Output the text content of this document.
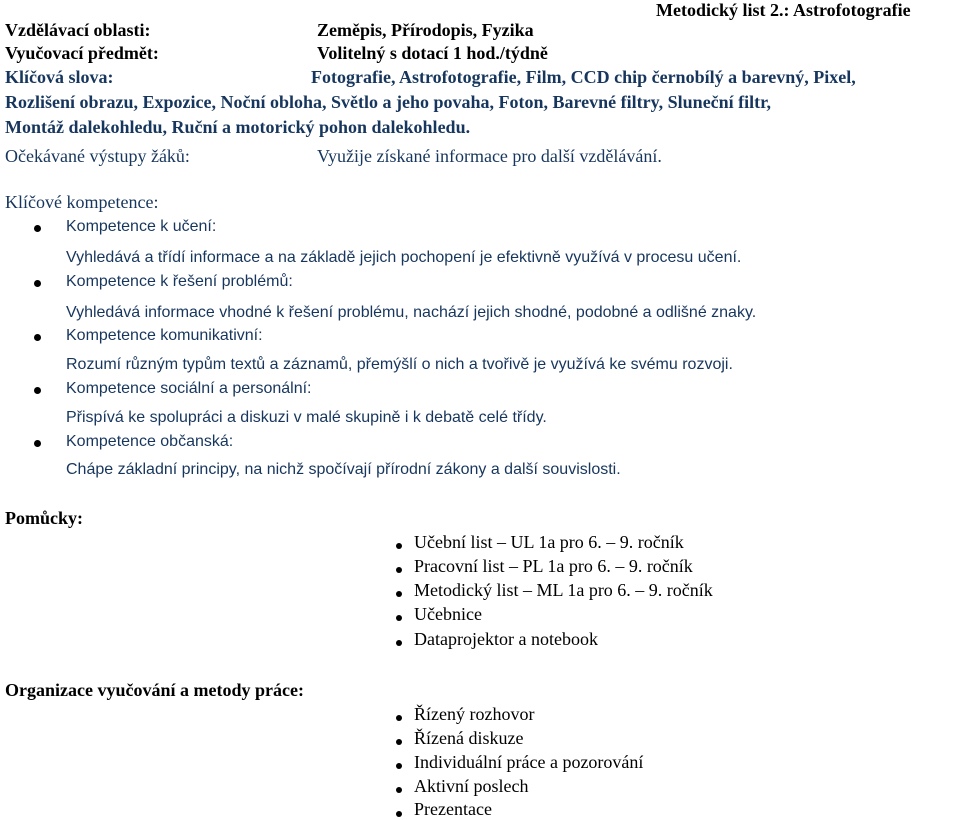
Metodický list 2.: Astrofotografie
Vzdělávací oblasti:	Zeměpis, Přírodopis, Fyzika
Vyučovací předmět:	Volitelný s dotací 1 hod./týdně
Klíčová slova:	Fotografie, Astrofotografie, Film, CCD chip černobílý a barevný, Pixel,
Rozlišení obrazu, Expozice, Noční obloha, Světlo a jeho povaha, Foton, Barevné filtry, Sluneční filtr,
Montáž dalekohledu, Ruční a motorický pohon dalekohledu.
Očekávané výstupy žáků:	Využije získané informace pro další vzdělávání.
Klíčové kompetence:
Kompetence k učení:
Vyhledává a třídí informace a na základě jejich pochopení je efektivně využívá v procesu učení.
Kompetence k řešení problémů:
Vyhledává informace vhodné k řešení problému, nachází jejich shodné, podobné a odlišné znaky.
Kompetence komunikativní:
Rozumí různým typům textů a záznamů, přemýšlí o nich a tvořivě je využívá ke svému rozvoji.
Kompetence sociální a personální:
Přispívá ke spolupráci a diskuzi v malé skupině i k debatě celé třídy.
Kompetence občanská:
Chápe základní principy, na nichž spočívají přírodní zákony a další souvislosti.
Pomůcky:
Učební list – UL 1a pro 6. – 9. ročník
Pracovní list – PL 1a pro 6. – 9. ročník
Metodický list – ML 1a pro 6. – 9. ročník
Učebnice
Dataprojektor a notebook
Organizace vyučování a metody práce:
Řízený rozhovor
Řízená diskuze
Individuální práce a pozorování
Aktivní poslech
Prezentace
